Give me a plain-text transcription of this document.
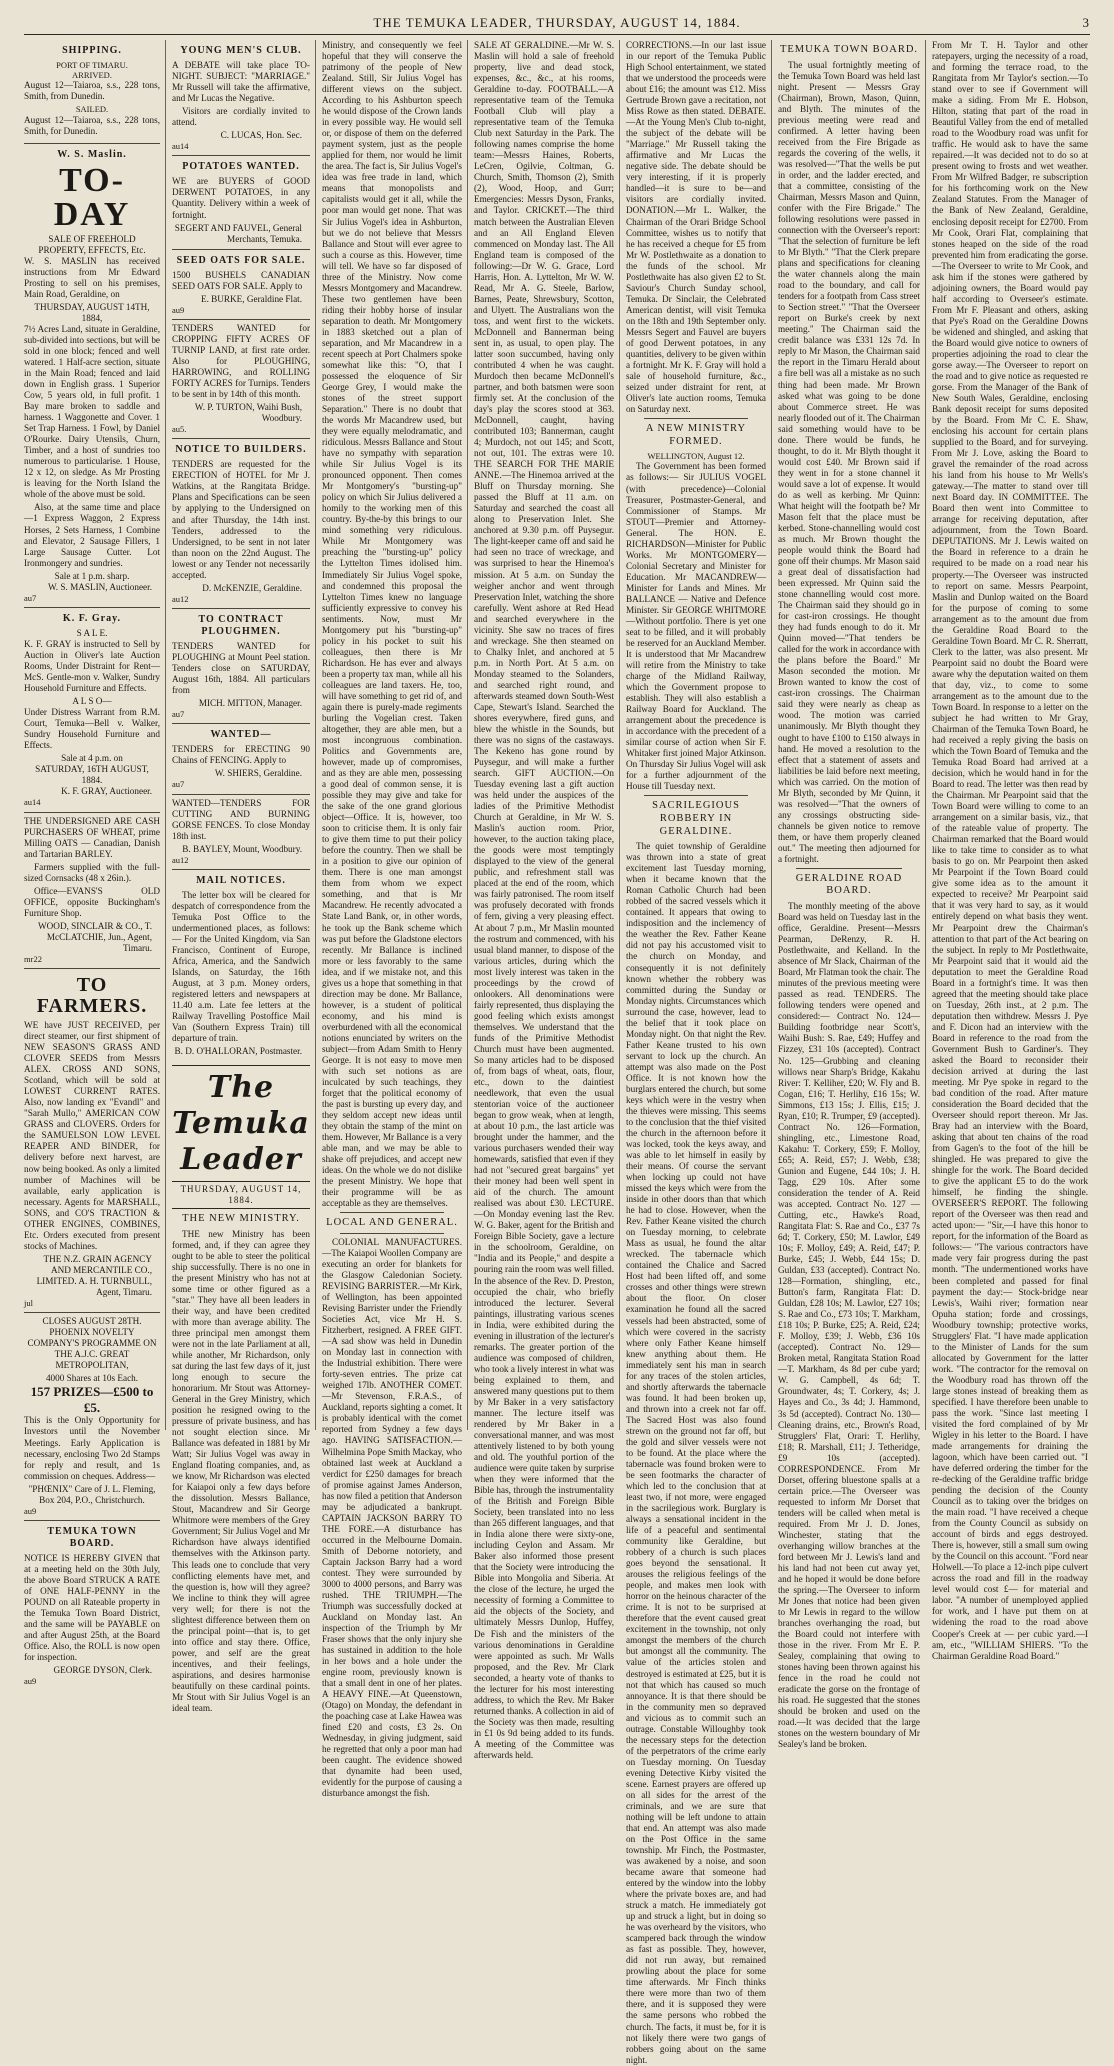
THE TEMUKA LEADER, THURSDAY, AUGUST 14, 1884.	3
SHIPPING.
PORT OF TIMARU.
ARRIVED.

August 12—Taiaroa, s.s., 228 tons, Smith, from Dunedin.

SAILED.

August 12—Taiaroa, s.s., 228 tons, Smith, for Dunedin.

W. S. Maslin.
TO-DAY
SALE OF FREEHOLD PROPERTY, EFFECTS, Etc.

W. S. MASLIN has received instructions from Mr Edward Prosting to sell on his premises, Main Road, Geraldine, on

THURSDAY, AUGUST 14TH, 1884,

7½ Acres Land, situate in Geraldine, sub-divided into sections, but will be sold in one block; fenced and well watered. 1 Half-acre section, situate in the Main Road; fenced and laid down in English grass. 1 Superior Cow, 5 years old, in full profit. 1 Bay mare broken to saddle and harness. 1 Waggonette and Cover. 1 Set Trap Harness. 1 Fowl, by Daniel O'Rourke. Dairy Utensils, Churn, Timber, and a host of sundries too numerous to particularise. 1 House, 12 x 12, on sledge. As Mr Prosting is leaving for the North Island the whole of the above must be sold.

Also, at the same time and place—1 Express Waggon, 2 Express Horses, 2 Sets Harness, 1 Combine and Elevator, 2 Sausage Fillers, 1 Large Sausage Cutter. Lot Ironmongery and sundries.

Sale at 1 p.m. sharp.
W. S. MASLIN, Auctioneer.
au7
K. F. Gray.
S A L E.

K. F. GRAY is instructed to Sell by Auction in Oliver's late Auction Rooms, Under Distraint for Rent—McS. Gentle-mon v. Walker, Sundry Household Furniture and Effects.

A L S O—

Under Distress Warrant from R.M. Court, Temuka—Bell v. Walker, Sundry Household Furniture and Effects.

Sale at 4 p.m. on
SATURDAY, 16TH AUGUST, 1884.
K. F. GRAY, Auctioneer.
au14

THE UNDERSIGNED ARE CASH PURCHASERS OF WHEAT, prime Milling OATS — Canadian, Danish and Tartarian BARLEY.

Farmers supplied with the full-sized Cornsacks (48 x 26in.).

Office—EVANS'S OLD OFFICE, opposite Buckingham's Furniture Shop.

WOOD, SINCLAIR & CO., T. McCLATCHIE, Jun., Agent, Timaru.
mr22
TO FARMERS.

WE have JUST RECEIVED, per direct steamer, our first shipment of NEW SEASON'S GRASS AND CLOVER SEEDS from Messrs ALEX. CROSS AND SONS, Scotland, which will be sold at LOWEST CURRENT RATES. Also, now landing ex "Evandl" and "Sarah Mullo," AMERICAN COW GRASS and CLOVERS. Orders for the SAMUELSON LOW LEVEL REAPER AND BINDER, for delivery before next harvest, are now being booked. As only a limited number of Machines will be available, early application is necessary. Agents for MARSHALL, SONS, and CO'S TRACTION & OTHER ENGINES, COMBINES, Etc. Orders executed from present stocks of Machines.

THE N.Z. GRAIN AGENCY AND MERCANTILE CO., LIMITED. A. H. TURNBULL, Agent, Timaru.
jul
CLOSES AUGUST 28TH.

PHOENIX NOVELTY COMPANY'S PROGRAMME ON THE A.J.C. GREAT METROPOLITAN,

4000 Shares at 10s Each.
157 PRIZES—£500 to £5.

This is the Only Opportunity for Investors until the November Meetings. Early Application is necessary, enclosing Two 2d Stamps for reply and result, and 1s commission on cheques. Address—

"PHŒNIX" Care of J. L. Fleming, Box 204, P.O., Christchurch.
au9
TEMUKA TOWN BOARD.

NOTICE IS HEREBY GIVEN that at a meeting held on the 30th July, the above Board STRUCK A RATE of ONE HALF-PENNY in the POUND on all Rateable property in the Temuka Town Board District, and the same will be PAYABLE on and after August 25th, at the Board Office. Also, the ROLL is now open for inspection.

GEORGE DYSON, Clerk.
au9
YOUNG MEN'S CLUB.

A DEBATE will take place TO-NIGHT. SUBJECT: "MARRIAGE." Mr Russell will take the affirmative, and Mr Lucas the Negative.

Visitors are cordially invited to attend.

C. LUCAS, Hon. Sec.
au14
POTATOES WANTED.

WE are BUYERS of GOOD DERWENT POTATOES, in any Quantity. Delivery within a week of fortnight.

SEGERT AND FAUVEL, General Merchants, Temuka.
SEED OATS FOR SALE.

1500 BUSHELS CANADIAN SEED OATS FOR SALE. Apply to

E. BURKE, Geraldine Flat.
au9

TENDERS WANTED for CROPPING FIFTY ACRES OF TURNIP LAND, at first rate order. Also for PLOUGHING, HARROWING, and ROLLING FORTY ACRES for Turnips. Tenders to be sent in by 14th of this month.

W. P. TURTON, Waihi Bush, Woodbury.
au5.
NOTICE TO BUILDERS.

TENDERS are requested for the ERECTION of HOTEL for Mr J. Watkins, at the Rangitata Bridge. Plans and Specifications can be seen by applying to the Undersigned on and after Thursday, the 14th inst. Tenders, addressed to the Undersigned, to be sent in not later than noon on the 22nd August. The lowest or any Tender not necessarily accepted.

D. McKENZIE, Geraldine.
au12
TO CONTRACT PLOUGHMEN.

TENDERS WANTED for PLOUGHING at Mount Peel station. Tenders close on SATURDAY, August 16th, 1884. All particulars from

MICH. MITTON, Manager.
au7
WANTED—

TENDERS for ERECTING 90 Chains of FENCING. Apply to

W. SHIERS, Geraldine.
au7

WANTED—TENDERS FOR CUTTING AND BURNING GORSE FENCES. To close Monday 18th inst.

B. BAYLEY, Mount, Woodbury.
au12
MAIL NOTICES.

The letter box will be cleared for despatch of correspondence from the Temuka Post Office to the undermentioned places, as follows:— For the United Kingdom, via San Francisco, Continent of Europe, Africa, America, and the Sandwich Islands, on Saturday, the 16th August, at 3 p.m. Money orders, registered letters and newspapers at 11.40 a.m. Late fee letters at the Railway Travelling Postoffice Mail Van (Southern Express Train) till departure of train.

B. D. O'HALLORAN, Postmaster.
The Temuka Leader
THURSDAY, AUGUST 14, 1884.
THE NEW MINISTRY.

THE new Ministry has been formed, and, if they can agree they ought to be able to steer the political ship successfully. There is no one in the present Ministry who has not at some time or other figured as a "star." They have all been leaders in their way, and have been credited with more than average ability. The three principal men amongst them were not in the late Parliament at all, while another, Mr Richardson, only sat during the last few days of it, just long enough to secure the honorarium. Mr Stout was Attorney-General in the Grey Ministry, which position he resigned owing to the pressure of private business, and has not sought election since. Mr Ballance was defeated in 1881 by Mr Watt; Sir Julius Vogel was away in England floating companies, and, as we know, Mr Richardson was elected for Kaiapoi only a few days before the dissolution. Messrs Ballance, Stout, Macandrew and Sir George Whitmore were members of the Grey Government; Sir Julius Vogel and Mr Richardson have always identified themselves with the Atkinson party. This leads one to conclude that very conflicting elements have met, and the question is, how will they agree? We incline to think they will agree very well; for there is not the slightest difference between them on the principal point—that is, to get into office and stay there. Office, power, and self are the great incentives, and their feelings, aspirations, and desires harmonise beautifully on these cardinal points. Mr Stout with Sir Julius Vogel is an ideal team.

Ministry, and consequently we feel hopeful that they will conserve the patrimony of the people of New Zealand. Still, Sir Julius Vogel has different views on the subject. According to his Ashburton speech he would dispose of the Crown lands in every possible way. He would sell or, or dispose of them on the deferred payment system, just as the people applied for them, nor would he limit the area. The fact is, Sir Julius Vogel's idea was free trade in land, which means that monopolists and capitalists would get it all, while the poor man would get none. That was Sir Julius Vogel's idea in Ashburton, but we do not believe that Messrs Ballance and Stout will ever agree to such a course as this. However, time will tell. We have so far disposed of three of the Ministry. Now come Messrs Montgomery and Macandrew. These two gentlemen have been riding their hobby horse of insular separation to death. Mr Montgomery in 1883 sketched out a plan of separation, and Mr Macandrew in a recent speech at Port Chalmers spoke somewhat like this: "O, that I possessed the eloquence of Sir George Grey, I would make the stones of the street support Separation." There is no doubt that the words Mr Macandrew used, but they were equally melodramatic, and ridiculous. Messrs Ballance and Stout have no sympathy with separation while Sir Julius Vogel is its pronounced opponent. Then comes Mr Montgomery's "bursting-up" policy on which Sir Julius delivered a homily to the working men of this country. By-the-by this brings to our mind something very ridiculous. While Mr Montgomery was preaching the "bursting-up" policy the Lyttelton Times idolised him. Immediately Sir Julius Vogel spoke, and condemned this proposal the Lyttelton Times knew no language sufficiently expressive to convey his sentiments. Now, must Mr Montgomery put his "bursting-up" policy in his pocket to suit his colleagues, then there is Mr Richardson. He has ever and always been a property tax man, while all his colleagues are land taxers. He, too, will have something to get rid of, and again there is purely-made regiments burling the Vogelian crest. Taken altogether, they are able men, but a most incongruous combination. Politics and Governments are, however, made up of compromises, and as they are able men, possessing a good deal of common sense, it is possible they may give and take for the sake of the one grand glorious object—Office. It is, however, too soon to criticise them. It is only fair to give them time to put their policy before the country. Then we shall be in a position to give our opinion of them. There is one man amongst them from whom we expect something, and that is Mr Macandrew. He recently advocated a State Land Bank, or, in other words, he took up the Bank scheme which was put before the Gladstone electors recently. Mr Ballance is inclined more or less favorably to the same idea, and if we mistake not, and this gives us a hope that something in that direction may be done. Mr Ballance, however, is a student of political economy, and his mind is overburdened with all the economical notions enunciated by writers on the subject—from Adam Smith to Henry George. It is not easy to move men with such set notions as are inculcated by such teachings, they forget that the political economy of the past is bursting up every day, and they seldom accept new ideas until they obtain the stamp of the mint on them. However, Mr Ballance is a very able man, and we may be able to shake off prejudices, and accept new ideas. On the whole we do not dislike the present Ministry. We hope that their programme will be as acceptable as they are themselves.

LOCAL AND GENERAL.

COLONIAL MANUFACTURES.—The Kaiapoi Woollen Company are executing an order for blankets for the Glasgow Caledonian Society. REVISING BARRISTER.—Mr Kirk, of Wellington, has been appointed Revising Barrister under the Friendly Societies Act, vice Mr H. S. Fitzherbert, resigned. A FREE GIFT.—A sad show was held in Dunedin on Monday last in connection with the Industrial exhibition. There were forty-seven entries. The prize cat weighed 17lb. ANOTHER COMET.—Mr Stevenson, F.R.A.S., of Auckland, reports sighting a comet. It is probably identical with the comet reported from Sydney a few days ago. HAVING SATISFACTION.—Wilhelmina Pope Smith Mackay, who obtained last week at Auckland a verdict for £250 damages for breach of promise against James Anderson, has now filed a petition that Anderson may be adjudicated a bankrupt. CAPTAIN JACKSON BARRY TO THE FORE.—A disturbance has occurred in the Melbourne Domain. Smith of Deborne notoriety, and Captain Jackson Barry had a word contest. They were surrounded by 3000 to 4000 persons, and Barry was rushed. THE TRIUMPH.—The Triumph was successfully docked at Auckland on Monday last. An inspection of the Triumph by Mr Fraser shows that the only injury she has sustained in addition to the hole in her bows and a hole under the engine room, previously known is that a small dent in one of her plates. A HEAVY FINE.—At Queenstown, (Otago) on Monday, the defendant in the poaching case at Lake Hawea was fined £20 and costs, £3 2s. On Wednesday, in giving judgment, said he regretted that only a poor man had been caught. The evidence showed that dynamite had been used, evidently for the purpose of causing a disturbance amongst the fish.

SALE AT GERALDINE.—Mr W. S. Maslin will hold a sale of freehold property, live and dead stock, expenses, &c., &c., at his rooms, Geraldine to-day. FOOTBALL.—A representative team of the Temuka Football Club will play a representative team of the Temuka Club next Saturday in the Park. The following names comprise the home team:—Messrs Haines, Roberts, LeCren, Ogilvie, Coltman, G. Church, Smith, Thomson (2), Smith (2), Wood, Hoop, and Gurr; Emergencies: Messrs Dyson, Franks, and Taylor. CRICKET.—The third match between the Australian Eleven and an All England Eleven commenced on Monday last. The All England team is composed of the following:—Dr W. G. Grace, Lord Harris, Hon. A. Lyttelton, Mr W. W. Read, Mr A. G. Steele, Barlow, Barnes, Peate, Shrewsbury, Scotton, and Ulyett. The Australians won the toss, and went first to the wickets. McDonnell and Bannerman being sent in, as usual, to open play. The latter soon succumbed, having only contributed 4 when he was caught. Murdoch then became McDonnell's partner, and both batsmen were soon firmly set. At the conclusion of the day's play the scores stood at 363. McDonnell, caught, having contributed 103; Bannerman, caught 4; Murdoch, not out 145; and Scott, not out, 101. The extras were 10. THE SEARCH FOR THE MARIE ANNE.—The Hinemoa arrived at the Bluff on Thursday morning. She passed the Bluff at 11 a.m. on Saturday and searched the coast all along to Preservation Inlet. She anchored at 9.30 p.m. off Puysegur. The light-keeper came off and said he had seen no trace of wreckage, and was surprised to hear the Hinemoa's mission. At 5 a.m. on Sunday the weigher anchor and went through Preservation Inlet, watching the shore carefully. Went ashore at Red Head and searched everywhere in the vicinity. She saw no traces of fires and wreckage. She then steamed on to Chalky Inlet, and anchored at 5 p.m. in North Port. At 5 a.m. on Monday steamed to the Solanders, and searched right round, and afterwards steamed down South-West Cape, Stewart's Island. Searched the shores everywhere, fired guns, and blew the whistle in the Sounds, but there was no signs of the castaways. The Kekeno has gone round by Puysegur, and will make a further search. GIFT AUCTION.—On Tuesday evening last a gift auction was held under the auspices of the ladies of the Primitive Methodist Church at Geraldine, in Mr W. S. Maslin's auction room. Prior, however, to the auction taking place, the goods were most temptingly displayed to the view of the general public, and refreshment stall was placed at the end of the room, which was fairly patronised. The room itself was profusely decorated with fronds of fern, giving a very pleasing effect. At about 7 p.m., Mr Maslin mounted the rostrum and commenced, with his usual bland manner, to dispose of the various articles, during which the most lively interest was taken in the proceedings by the crowd of onlookers. All denominations were fairly represented, thus displaying the good feeling which exists amongst themselves. We understand that the funds of the Primitive Methodist Church must have been augmented. So many articles had to be disposed of, from bags of wheat, oats, flour, etc., down to the daintiest needlework, that even the usual stentorian voice of the auctioneer began to grow weak, when at length, at about 10 p.m., the last article was brought under the hammer, and the various purchasers wended their way homewards, satisfied that even if they had not "secured great bargains" yet their money had been well spent in aid of the church. The amount realised was about £30. LECTURE.—On Monday evening last the Rev. W. G. Baker, agent for the British and Foreign Bible Society, gave a lecture in the schoolroom, Geraldine, on "India and its People," and despite a pouring rain the room was well filled. In the absence of the Rev. D. Preston, occupied the chair, who briefly introduced the lecturer. Several paintings, illustrating various scenes in India, were exhibited during the evening in illustration of the lecturer's remarks. The greater portion of the audience was composed of children, who took a lively interest in what was being explained to them, and answered many questions put to them by Mr Baker in a very satisfactory manner. The lecture itself was rendered by Mr Baker in a conversational manner, and was most attentively listened to by both young and old. The youthful portion of the audience were quite taken by surprise when they were informed that the Bible has, through the instrumentality of the British and Foreign Bible Society, been translated into no less than 265 different languages, and that in India alone there were sixty-one, including Ceylon and Assam. Mr Baker also informed those present that the Society were introducing the Bible into Mongolia and Siberia. At the close of the lecture, he urged the necessity of forming a Committee to aid the objects of the Society, and ultimately Messrs Dunlop, Huffey, De Fish and the ministers of the various denominations in Geraldine were appointed as such. Mr Walls proposed, and the Rev. Mr Clark seconded, a hearty vote of thanks to the lecturer for his most interesting address, to which the Rev. Mr Baker returned thanks. A collection in aid of the Society was then made, resulting in £1 0s 9d being added to its funds. A meeting of the Committee was afterwards held.

CORRECTIONS.—In our last issue in our report of the Temuka Public High School entertainment, we stated that we understood the proceeds were about £16; the amount was £12. Miss Gertrude Brown gave a recitation, not Miss Rowe as then stated. DEBATE.—At the Young Men's Club to-night, the subject of the debate will be "Marriage." Mr Russell taking the affirmative and Mr Lucas the negative side. The debate should be very interesting, if it is properly handled—it is sure to be—and visitors are cordially invited. DONATION.—Mr L. Walker, the Chairman of the Orari Bridge School Committee, wishes us to notify that he has received a cheque for £5 from Mr W. Postlethwaite as a donation to the funds of the school. Mr Postlethwaite has also given £2 to St. Saviour's Church Sunday school, Temuka. Dr Sinclair, the Celebrated American dentist, will visit Temuka on the 18th and 19th September only. Messrs Segert and Fauvel are buyers of good Derwent potatoes, in any quantities, delivery to be given within a fortnight. Mr K. F. Gray will hold a sale of household furniture, &c., seized under distraint for rent, at Oliver's late auction rooms, Temuka on Saturday next.

A NEW MINISTRY FORMED.
WELLINGTON, August 12.

The Government has been formed as follows:— Sir JULIUS VOGEL (with precedence)—Colonial Treasurer, Postmaster-General, and Commissioner of Stamps. Mr STOUT—Premier and Attorney-General. The HON. E. RICHARDSON—Minister for Public Works. Mr MONTGOMERY—Colonial Secretary and Minister for Education. Mr MACANDREW—Minister for Lands and Mines. Mr BALLANCE — Native and Defence Minister. Sir GEORGE WHITMORE—Without portfolio. There is yet one seat to be filled, and it will probably be reserved for an Auckland Member. It is understood that Mr Macandrew will retire from the Ministry to take charge of the Midland Railway, which the Government propose to establish. They will also establish a Railway Board for Auckland. The arrangement about the precedence is in accordance with the precedent of a similar course of action when Sir F. Whitaker first joined Major Atkinson. On Thursday Sir Julius Vogel will ask for a further adjournment of the House till Tuesday next.

SACRILEGIOUS ROBBERY IN GERALDINE.

The quiet township of Geraldine was thrown into a state of great excitement last Tuesday morning, when it became known that the Roman Catholic Church had been robbed of the sacred vessels which it contained. It appears that owing to indisposition and the inclemency of the weather the Rev. Father Keane did not pay his accustomed visit to the church on Monday, and consequently it is not definitely known whether the robbery was committed during the Sunday or Monday nights. Circumstances which surround the case, however, lead to the belief that it took place on Monday night. On that night the Rev. Father Keane trusted to his own servant to lock up the church. An attempt was also made on the Post Office. It is not known how the burglars entered the church, but some keys which were in the vestry when the thieves were missing. This seems to the conclusion that the thief visited the church in the afternoon before it was locked, took the keys away, and was able to let himself in easily by their means. Of course the servant when locking up could not have missed the keys which were from the inside in other doors than that which he had to close. However, when the Rev. Father Keane visited the church on Tuesday morning, to celebrate Mass as usual, he found the altar wrecked. The tabernacle which contained the Chalice and Sacred Host had been lifted off, and some crosses and other things were strewn about the floor. On closer examination he found all the sacred vessels had been abstracted, some of which were covered in the sacristy where only Father Keane himself knew anything about them. He immediately sent his man in search for any traces of the stolen articles, and shortly afterwards the tabernacle was found. It had been broken up, and thrown into a creek not far off. The Sacred Host was also found strewn on the ground not far off, but the gold and silver vessels were not to be found. At the place where the tabernacle was found broken were to be seen footmarks the character of which led to the conclusion that at least two, if not more, were engaged in the sacrilegious work. Burglary is always a sensational incident in the life of a peaceful and sentimental community like Geraldine, but robbery of a church is such places goes beyond the sensational. It arouses the religious feelings of the people, and makes men look with horror on the heinous character of the crime. It is not to be surprised at therefore that the event caused great excitement in the township, not only amongst the members of the church but amongst all the community. The value of the articles stolen and destroyed is estimated at £25, but it is not that which has caused so much annoyance. It is that there should be in the community men so depraved and vicious as to commit such an outrage. Constable Willoughby took the necessary steps for the detection of the perpetrators of the crime early on Tuesday morning. On Tuesday evening Detective Kirby visited the scene. Earnest prayers are offered up on all sides for the arrest of the criminals, and we are sure that nothing will be left undone to attain that end. An attempt was also made on the Post Office in the same township. Mr Finch, the Postmaster, was awakened by a noise, and soon became aware that someone had entered by the window into the lobby where the private boxes are, and had struck a match. He immediately got up and struck a light, but in doing so he was overheard by the visitors, who scampered back through the window as fast as possible. They, however, did not run away, but remained prowling about the place for some time afterwards. Mr Finch thinks there were more than two of them there, and it is supposed they were the same persons who robbed the church. The facts, it must be, for it is not likely there were two gangs of robbers going about on the same night.

TEMUKA TOWN BOARD.

The usual fortnightly meeting of the Temuka Town Board was held last night. Present — Messrs Gray (Chairman), Brown, Mason, Quinn, and Blyth. The minutes of the previous meeting were read and confirmed. A letter having been received from the Fire Brigade as regards the covering of the wells, it was resolved—"That the wells be put in order, and the ladder erected, and that a committee, consisting of the Chairman, Messrs Mason and Quinn, confer with the Fire Brigade." The following resolutions were passed in connection with the Overseer's report: "That the selection of furniture be left to Mr Blyth." "That the Clerk prepare plans and specifications for cleaning the water channels along the main road to the boundary, and call for tenders for a footpath from Cass street to Section street." "That the Overseer report on Burke's creek by next meeting." The Chairman said the credit balance was £331 12s 7d. In reply to Mr Mason, the Chairman said the report in the Timaru Herald about a fire bell was all a mistake as no such thing had been made. Mr Brown asked what was going to be done about Commerce street. He was nearly flooded out of it. The Chairman said something would have to be done. There would be funds, he thought, to do it. Mr Blyth thought it would cost £40. Mr Brown said if they went in for a stone channel it would save a lot of expense. It would do as well as kerbing. Mr Quinn: What height will the footpath be? Mr Mason felt that the place must be kerbed. Stone-channelling would cost as much. Mr Brown thought the people would think the Board had gone off their chumps. Mr Mason said a great deal of dissatisfaction had been expressed. Mr Quinn said the stone channelling would cost more. The Chairman said they should go in for cast-iron crossings. He thought they had funds enough to do it. Mr Quinn moved—"That tenders be called for the work in accordance with the plans before the Board." Mr Mason seconded the motion. Mr Brown wanted to know the cost of cast-iron crossings. The Chairman said they were nearly as cheap as wood. The motion was carried unanimously. Mr Blyth thought they ought to have £100 to £150 always in hand. He moved a resolution to the effect that a statement of assets and liabilities be laid before next meeting, which was carried. On the motion of Mr Blyth, seconded by Mr Quinn, it was resolved—"That the owners of any crossings obstructing side-channels be given notice to remove them, or have them properly cleaned out." The meeting then adjourned for a fortnight.

GERALDINE ROAD BOARD.

The monthly meeting of the above Board was held on Tuesday last in the office, Geraldine. Present—Messrs Pearman, DeRenzy, R. H. Postlethwaite, and Kelland. In the absence of Mr Slack, Chairman of the Board, Mr Flatman took the chair. The minutes of the previous meeting were passed as read. TENDERS. The following tenders were opened and considered:— Contract No. 124—Building footbridge near Scott's, Waihi Bush: S. Rae, £49; Huffey and Fizzey, £31 10s (accepted). Contract No. 125—Grubbing and cleaning willows near Sharp's Bridge, Kakahu River: T. Kelliher, £20; W. Fly and B. Cogan, £16; T. Herlihy, £16 15s; W. Simmons, £13 15s; J. Ellis, £15; J. Ryan, £10; R. Trumper, £9 (accepted). Contract No. 126—Formation, shingling, etc., Limestone Road, Kakahu: T. Corkery, £59; F. Molloy, £65; A. Reid, £57; J. Webb, £38; Gunion and Eugene, £44 10s; J. H. Tagg, £29 10s. After some consideration the tender of A. Reid was accepted. Contract No. 127 — Cutting, etc., Hawke's Road, Rangitata Flat: S. Rae and Co., £37 7s 6d; T. Corkery, £50; M. Lawlor, £49 10s; F. Molloy, £49; A. Reid, £47; P. Burke, £45; J. Webb, £44 15s; D. Guldan, £33 (accepted). Contract No. 128—Formation, shingling, etc., Button's farm, Rangitata Flat: D. Guldan, £28 10s; M. Lawlor, £27 10s; S. Rae and Co., £73 10s; T. Markham, £18 10s; P. Burke, £25; A. Reid, £24; F. Molloy, £39; J. Webb, £36 10s (accepted). Contract No. 129—Broken metal, Rangitata Station Road—T. Markham, 4s 8d per cube yard; W. G. Campbell, 4s 6d; T. Groundwater, 4s; T. Corkery, 4s; J. Hayes and Co., 3s 4d; J. Hammond, 3s 5d (accepted). Contract No. 130—Cleaning drains, etc., Brown's Road, Strugglers' Flat, Orari: T. Herlihy, £18; R. Marshall, £11; J. Tetheridge, £9 10s (accepted). CORRESPONDENCE. From Mr Dorset, offering bluestone spalls at a certain price.—The Overseer was requested to inform Mr Dorset that tenders will be called when metal is required. From Mr J. D. Jones, Winchester, stating that the overhanging willow branches at the ford between Mr J. Lewis's land and his land had not been cut away yet, and he hoped it would be done before the spring.—The Overseer to inform Mr Jones that notice had been given to Mr Lewis in regard to the willow branches overhanging the road, but the Board could not interfere with those in the river. From Mr E. P. Sealey, complaining that owing to stones having been thrown against his fence in the road he could not eradicate the gorse on the frontage of his road. He suggested that the stones should be broken and used on the road.—It was decided that the large stones on the western boundary of Mr Sealey's land be broken.

From Mr T. H. Taylor and other ratepayers, urging the necessity of a road, and forming the terrace road, to the Rangitata from Mr Taylor's section.—To stand over to see if Government will make a siding. From Mr E. Hobson, Hilton, stating that part of the road in Beautiful Valley from the end of metalled road to the Woodbury road was unfit for traffic. He would ask to have the same repaired.—It was decided not to do so at present owing to frosts and wet weather. From Mr Wilfred Badger, re subscription for his forthcoming work on the New Zealand Statutes. From the Manager of the Bank of New Zealand, Geraldine, enclosing deposit receipt for £2700. From Mr Cook, Orari Flat, complaining that stones heaped on the side of the road prevented him from eradicating the gorse.—The Overseer to write to Mr Cook, and ask him if the stones were gathered by adjoining owners, the Board would pay half according to Overseer's estimate. From Mr F. Pleasant and others, asking that Pye's Road on the Geraldine Downs be widened and shingled, and asking that the Board would give notice to owners of properties adjoining the road to clear the gorse away.—The Overseer to report on the road and to give notice as requested re gorse. From the Manager of the Bank of New South Wales, Geraldine, enclosing Bank deposit receipt for sums deposited by the Board. From Mr C. E. Shaw, enclosing his account for certain plans supplied to the Board, and for surveying. From Mr J. Love, asking the Board to gravel the remainder of the road across his land from his house to Mr Wells's gateway.—The matter to stand over till next Board day. IN COMMITTEE. The Board then went into Committee to arrange for receiving deputation, after adjournment, from the Town Board. DEPUTATIONS. Mr J. Lewis waited on the Board in reference to a drain he required to be made on a road near his property.—The Overseer was instructed to report on same. Messrs Pearpoint, Maslin and Dunlop waited on the Board for the purpose of coming to some arrangement as to the amount due from the Geraldine Road Board to the Geraldine Town Board. Mr C. R. Sherratt, Clerk to the latter, was also present. Mr Pearpoint said no doubt the Board were aware why the deputation waited on them that day, viz., to come to some arrangement as to the amount due to the Town Board. In response to a letter on the subject he had written to Mr Gray, Chairman of the Temuka Town Board, he had received a reply giving the basis on which the Town Board of Temuka and the Temuka Road Board had arrived at a decision, which he would hand in for the Board to read. The letter was then read by the Chairman. Mr Pearpoint said that the Town Board were willing to come to an arrangement on a similar basis, viz., that of the rateable value of property. The Chairman remarked that the Board would like to take time to consider as to what basis to go on. Mr Pearpoint then asked Mr Pearpoint if the Town Board could give some idea as to the amount it expected to receive? Mr Pearpoint said that it was very hard to say, as it would entirely depend on what basis they went. Mr Pearpoint drew the Chairman's attention to that part of the Act bearing on the subject. In reply to Mr Postlethwaite, Mr Pearpoint said that it would aid the deputation to meet the Geraldine Road Board in a fortnight's time. It was then agreed that the meeting should take place on Tuesday, 26th inst., at 2 p.m. The deputation then withdrew. Messrs J. Pye and F. Dicon had an interview with the Board in reference to the road from the Government Bush to Gardiner's. They asked the Board to reconsider their decision arrived at during the last meeting. Mr Pye spoke in regard to the bad condition of the road. After mature consideration the Board decided that the Overseer should report thereon. Mr Jas. Bray had an interview with the Board, asking that about ten chains of the road from Gagen's to the foot of the hill be shingled. He was prepared to give the shingle for the work. The Board decided to give the applicant £5 to do the work himself, he finding the shingle. OVERSEER'S REPORT. The following report of the Overseer was then read and acted upon:— "Sir,—I have this honor to report, for the information of the Board as follows:— "The various contractors have made very fair progress during the past month. "The undermentioned works have been completed and passed for final payment the day:— Stock-bridge near Lewis's, Waihi river; formation near Opuha station; forde and crossings, Woodbury township; protective works, Strugglers' Flat. "I have made application to the Minister of Lands for the sum allocated by Government for the latter work. "The contractor for the removal on the Woodbury road has thrown off the large stones instead of breaking them as specified. I have therefore been unable to pass the work. "Since last meeting I visited the ford complained of by Mr Wigley in his letter to the Board. I have made arrangements for draining the lagoon, which have been carried out. "I have deferred ordering the timber for the re-decking of the Geraldine traffic bridge pending the decision of the County Council as to taking over the bridges on the main road. "I have received a cheque from the County Council as subsidy on account of birds and eggs destroyed. There is, however, still a small sum owing by the Council on this account. "Ford near Holwell.—To place a 12-inch pipe culvert across the road and fill in the roadway level would cost £— for material and labor. "A number of unemployed applied for work, and I have put them on at widening the road to the road above Cooper's Creek at — per cubic yard.—I am, etc., "WILLIAM SHIERS. "To the Chairman Geraldine Road Board."
